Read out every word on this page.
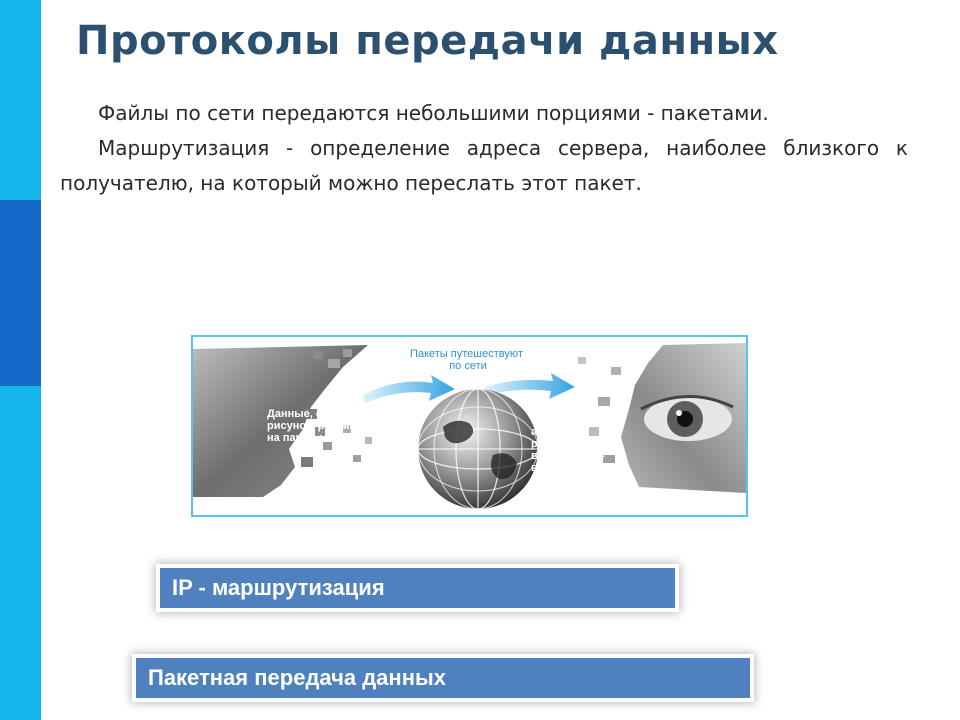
Протоколы передачи данных

Файлы по сети передаются небольшими порциями - пакетами.

Маршрутизация - определение адреса сервера, наиболее близкого к получателю, на который можно переслать этот пакет.

Пакеты путешествуют по сети
Данные, составляющие рисунок, разбиваются на пакеты
В компьютере адресата рисунок, восстанавли- вается
IP - маршрутизация
Пакетная передача данных
